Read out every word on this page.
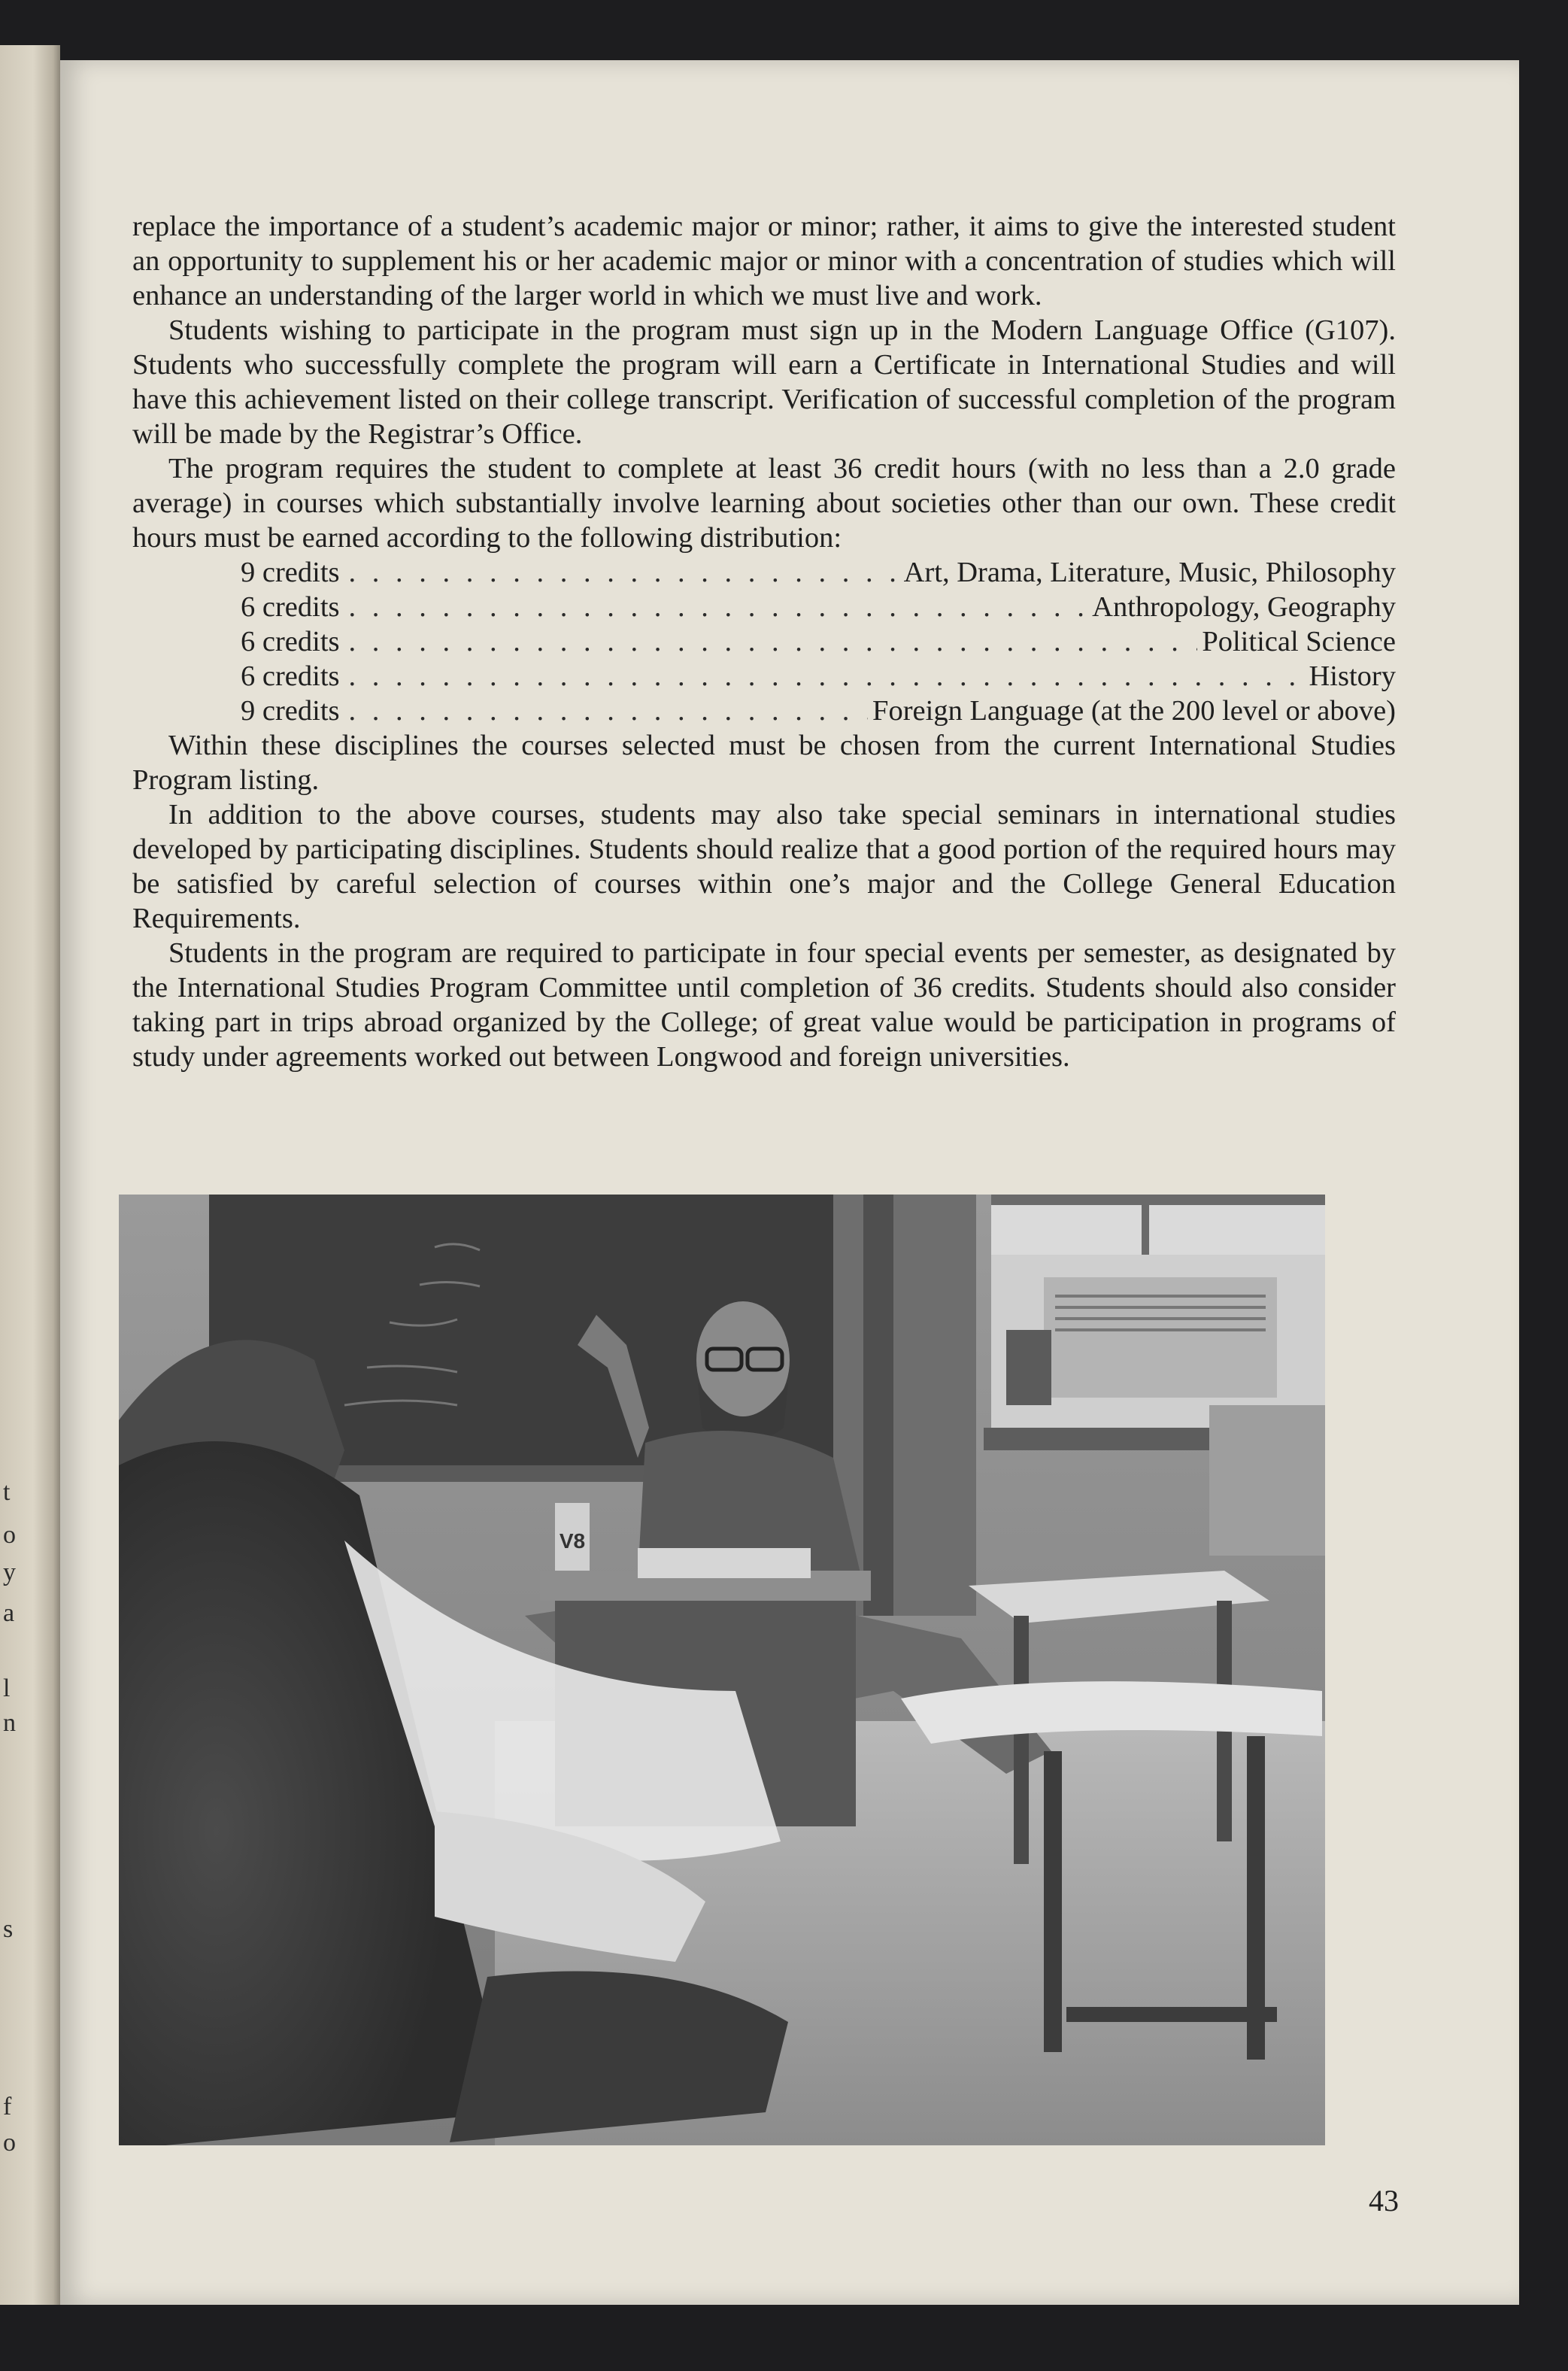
t
o
y
a
l
n
s
f
o

replace the importance of a student’s academic major or minor; rather, it aims to give the interested student an opportunity to supplement his or her academic major or minor with a concentration of studies which will enhance an understanding of the larger world in which we must live and work.

Students wishing to participate in the program must sign up in the Modern Language Office (G107). Students who successfully complete the program will earn a Certificate in International Studies and will have this achievement listed on their college transcript. Verification of successful completion of the program will be made by the Registrar’s Office.

The program requires the student to complete at least 36 credit hours (with no less than a 2.0 grade average) in courses which substantially involve learning about societies other than our own. These credit hours must be earned according to the following distribution:

9 credits . . .	Art, Drama, Literature, Music, Philosophy
6 credits . . .	Anthropology, Geography
6 credits . . .	Political Science
6 credits . . .	History
9 credits . . .	Foreign Language (at the 200 level or above)

Within these disciplines the courses selected must be chosen from the current International Studies Program listing.

In addition to the above courses, students may also take special seminars in international studies developed by participating disciplines. Students should realize that a good portion of the required hours may be satisfied by careful selection of courses within one’s major and the College General Education Requirements.

Students in the program are required to participate in four special events per semester, as designated by the International Studies Program Committee until completion of 36 credits. Students should also consider taking part in trips abroad organized by the College; of great value would be participation in programs of study under agreements worked out between Longwood and foreign universities.

V8
43
